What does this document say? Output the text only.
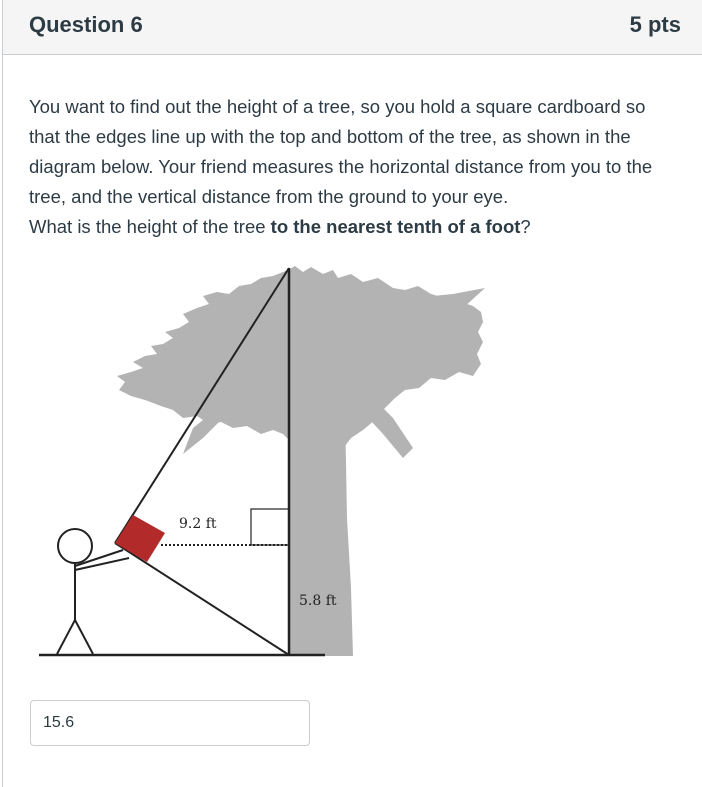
Question 6	5 pts

You want to find out the height of a tree, so you hold a square cardboard so that the edges line up with the top and bottom of the tree, as shown in the diagram below. Your friend measures the horizontal distance from you to the tree, and the vertical distance from the ground to your eye.

What is the height of the tree to the nearest tenth of a foot?

9.2 ft
5.8 ft
15.6
